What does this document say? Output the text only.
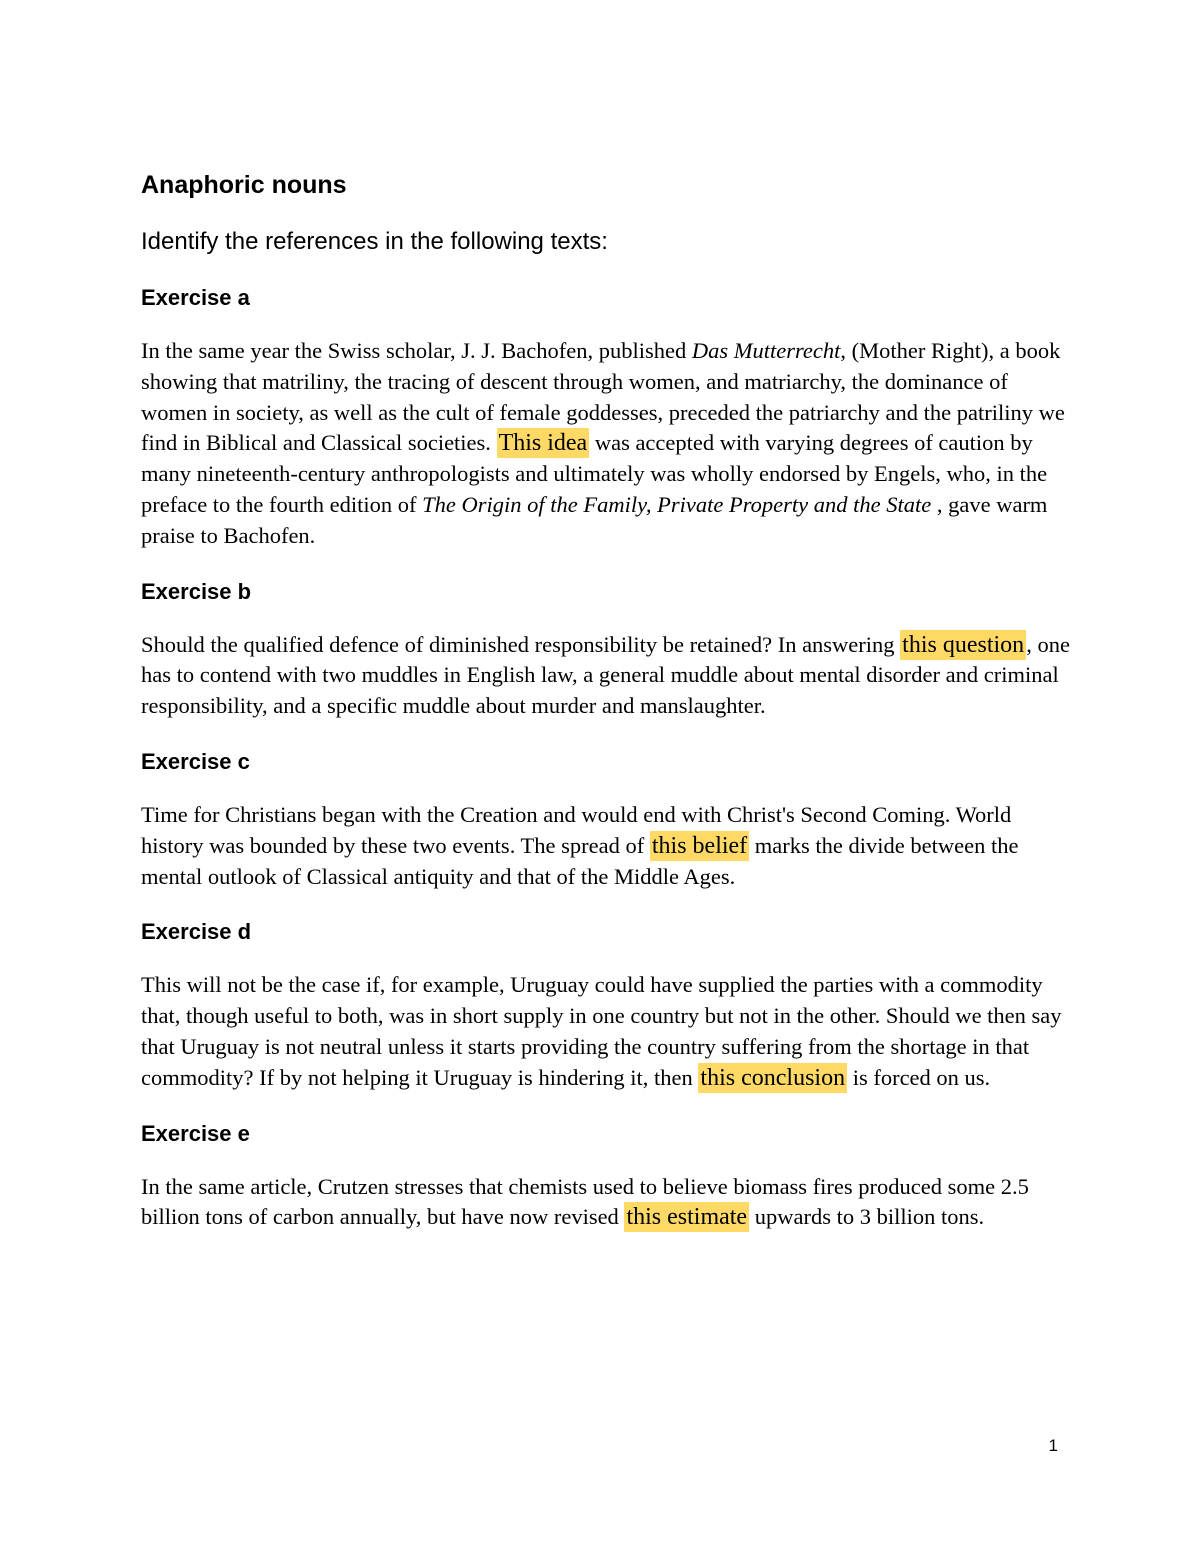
Anaphoric nouns

Identify the references in the following texts:

Exercise a

In the same year the Swiss scholar, J. J. Bachofen, published Das Mutterrecht, (Mother Right), a book showing that matriliny, the tracing of descent through women, and matriarchy, the dominance of women in society, as well as the cult of female goddesses, preceded the patriarchy and the patriliny we find in Biblical and Classical societies. This idea was accepted with varying degrees of caution by many nineteenth-century anthropologists and ultimately was wholly endorsed by Engels, who, in the preface to the fourth edition of The Origin of the Family, Private Property and the State , gave warm praise to Bachofen.

Exercise b

Should the qualified defence of diminished responsibility be retained? In answering this question, one has to contend with two muddles in English law, a general muddle about mental disorder and criminal responsibility, and a specific muddle about murder and manslaughter.

Exercise c

Time for Christians began with the Creation and would end with Christ's Second Coming. World history was bounded by these two events. The spread of this belief marks the divide between the mental outlook of Classical antiquity and that of the Middle Ages.

Exercise d

This will not be the case if, for example, Uruguay could have supplied the parties with a commodity that, though useful to both, was in short supply in one country but not in the other. Should we then say that Uruguay is not neutral unless it starts providing the country suffering from the shortage in that commodity? If by not helping it Uruguay is hindering it, then this conclusion is forced on us.

Exercise e

In the same article, Crutzen stresses that chemists used to believe biomass fires produced some 2.5 billion tons of carbon annually, but have now revised this estimate upwards to 3 billion tons.

1
